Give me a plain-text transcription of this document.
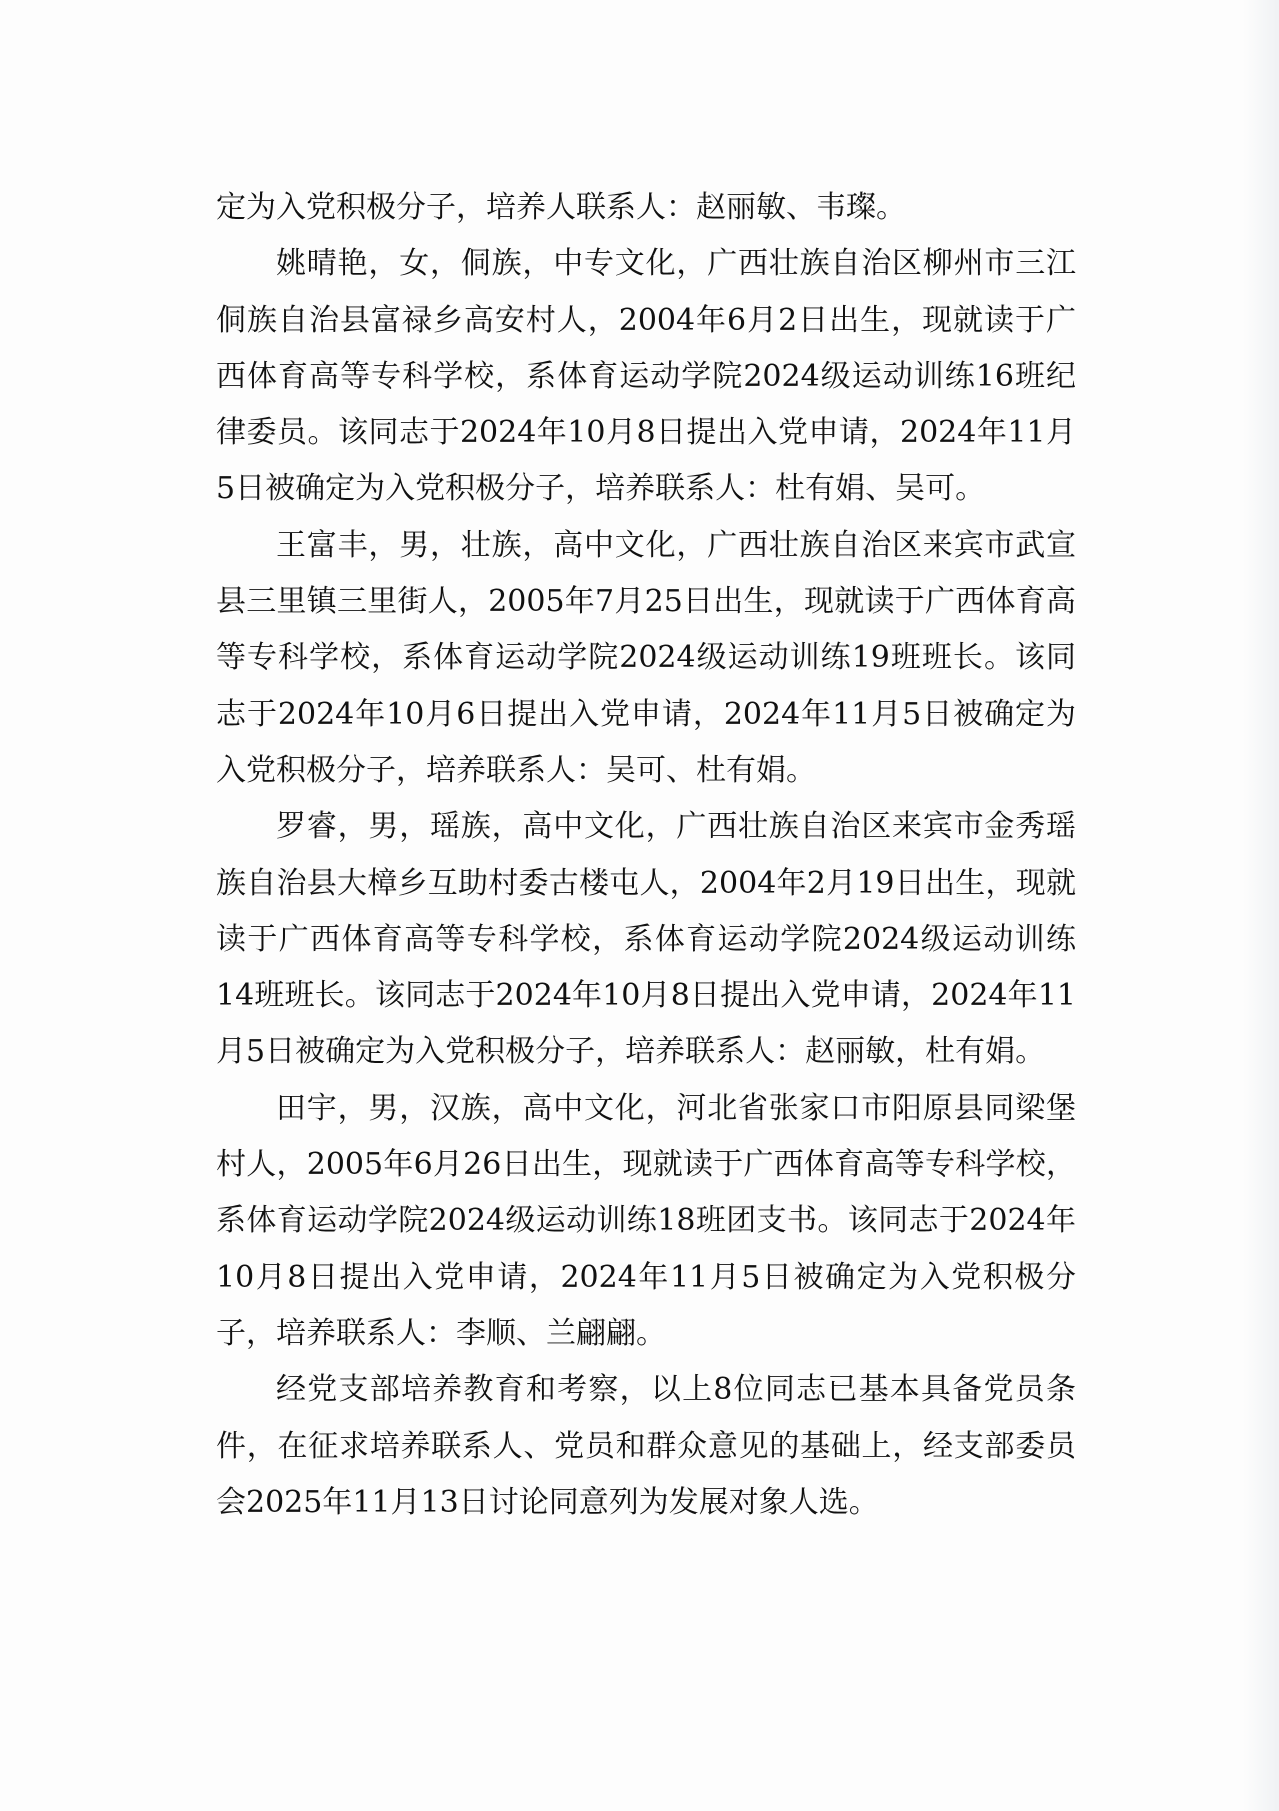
定为入党积极分子，培养人联系人：赵丽敏、韦璨。

姚晴艳，女，侗族，中专文化，广西壮族自治区柳州市三江侗族自治县富禄乡高安村人，2004年6月2日出生，现就读于广西体育高等专科学校，系体育运动学院2024级运动训练16班纪律委员。该同志于2024年10月8日提出入党申请，2024年11月5日被确定为入党积极分子，培养联系人：杜有娟、吴可。

王富丰，男，壮族，高中文化，广西壮族自治区来宾市武宣县三里镇三里街人，2005年7月25日出生，现就读于广西体育高等专科学校，系体育运动学院2024级运动训练19班班长。该同志于2024年10月6日提出入党申请，2024年11月5日被确定为入党积极分子，培养联系人：吴可、杜有娟。

罗睿，男，瑶族，高中文化，广西壮族自治区来宾市金秀瑶族自治县大樟乡互助村委古楼屯人，2004年2月19日出生，现就读于广西体育高等专科学校，系体育运动学院2024级运动训练14班班长。该同志于2024年10月8日提出入党申请，2024年11月5日被确定为入党积极分子，培养联系人：赵丽敏，杜有娟。

田宇，男，汉族，高中文化，河北省张家口市阳原县同梁堡村人，2005年6月26日出生，现就读于广西体育高等专科学校，系体育运动学院2024级运动训练18班团支书。该同志于2024年10月8日提出入党申请，2024年11月5日被确定为入党积极分子，培养联系人：李顺、兰翩翩。

经党支部培养教育和考察，以上8位同志已基本具备党员条件，在征求培养联系人、党员和群众意见的基础上，经支部委员会2025年11月13日讨论同意列为发展对象人选。
